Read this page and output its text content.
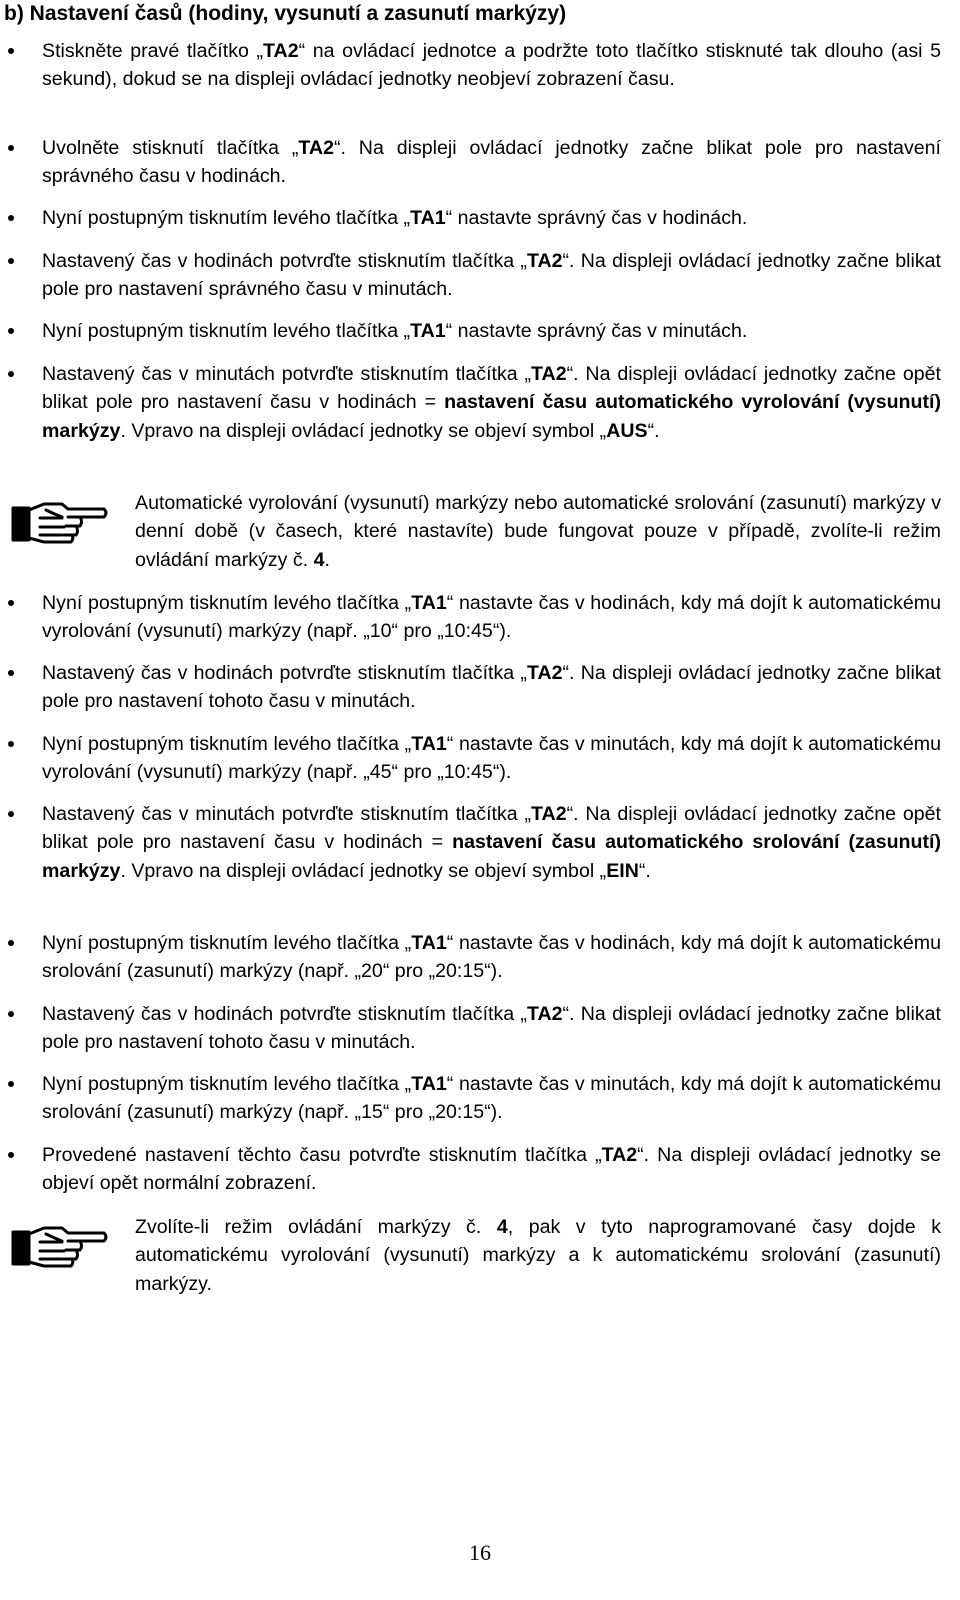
b) Nastavení časů (hodiny, vysunutí a zasunutí markýzy)
Stiskněte pravé tlačítko „TA2“ na ovládací jednotce a podržte toto tlačítko stisknuté tak dlouho (asi 5 sekund), dokud se na displeji ovládací jednotky neobjeví zobrazení času.
Uvolněte stisknutí tlačítka „TA2“. Na displeji ovládací jednotky začne blikat pole pro nastavení správného času v hodinách.
Nyní postupným tisknutím levého tlačítka „TA1“ nastavte správný čas v hodinách.
Nastavený čas v hodinách potvrďte stisknutím tlačítka „TA2“. Na displeji ovládací jednotky začne blikat pole pro nastavení správného času v minutách.
Nyní postupným tisknutím levého tlačítka „TA1“ nastavte správný čas v minutách.
Nastavený čas v minutách potvrďte stisknutím tlačítka „TA2“. Na displeji ovládací jednotky začne opět blikat pole pro nastavení času v hodinách = nastavení času automatického vyrolování (vysunutí) markýzy. Vpravo na displeji ovládací jednotky se objeví symbol „AUS“.
Automatické vyrolování (vysunutí) markýzy nebo automatické srolování (zasunutí) markýzy v denní době (v časech, které nastavíte) bude fungovat pouze v případě, zvolíte-li režim ovládání markýzy č. 4.
Nyní postupným tisknutím levého tlačítka „TA1“ nastavte čas v hodinách, kdy má dojít k automatickému vyrolování (vysunutí) markýzy (např. „10“ pro „10:45“).
Nastavený čas v hodinách potvrďte stisknutím tlačítka „TA2“. Na displeji ovládací jednotky začne blikat pole pro nastavení tohoto času v minutách.
Nyní postupným tisknutím levého tlačítka „TA1“ nastavte čas v minutách, kdy má dojít k automatickému vyrolování (vysunutí) markýzy (např. „45“ pro „10:45“).
Nastavený čas v minutách potvrďte stisknutím tlačítka „TA2“. Na displeji ovládací jednotky začne opět blikat pole pro nastavení času v hodinách = nastavení času automatického srolování (zasunutí) markýzy. Vpravo na displeji ovládací jednotky se objeví symbol „EIN“.
Nyní postupným tisknutím levého tlačítka „TA1“ nastavte čas v hodinách, kdy má dojít k automatickému srolování (zasunutí) markýzy (např. „20“ pro „20:15“).
Nastavený čas v hodinách potvrďte stisknutím tlačítka „TA2“. Na displeji ovládací jednotky začne blikat pole pro nastavení tohoto času v minutách.
Nyní postupným tisknutím levého tlačítka „TA1“ nastavte čas v minutách, kdy má dojít k automatickému srolování (zasunutí) markýzy (např. „15“ pro „20:15“).
Provedené nastavení těchto času potvrďte stisknutím tlačítka „TA2“. Na displeji ovládací jednotky se objeví opět normální zobrazení.
Zvolíte-li režim ovládání markýzy č. 4, pak v tyto naprogramované časy dojde k automatickému vyrolování (vysunutí) markýzy a k automatickému srolování (zasunutí) markýzy.
16
